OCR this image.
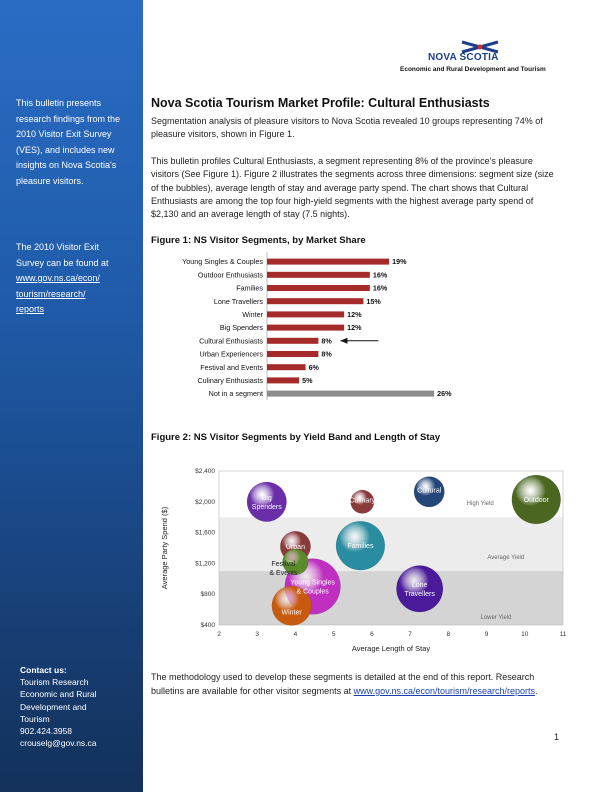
This bulletin presents research findings from the 2010 Visitor Exit Survey (VES), and includes new insights on Nova Scotia's pleasure visitors.
The 2010 Visitor Exit Survey can be found at
www.gov.ns.ca/econ/
tourism/research/
reports
Contact us:
Tourism Research
Economic and Rural
Development and
Tourism
902.424.3958
crouselg@gov.ns.ca
NOVA SCOTIA
Economic and Rural Development and Tourism
Nova Scotia Tourism Market Profile: Cultural Enthusiasts

Segmentation analysis of pleasure visitors to Nova Scotia revealed 10 groups representing 74% of pleasure visitors, shown in Figure 1.

This bulletin profiles Cultural Enthusiasts, a segment representing 8% of the province's pleasure visitors (See Figure 1). Figure 2 illustrates the segments across three dimensions: segment size (size of the bubbles), average length of stay and average party spend. The chart shows that Cultural Enthusiasts are among the top four high-yield segments with the highest average party spend of $2,130 and an average length of stay (7.5 nights).

Figure 1: NS Visitor Segments, by Market Share
Young Singles & Couples	19%
Outdoor Enthusiasts	16%
Families	16%
Lone Travellers	15%
Winter	12%
Big Spenders	12%
Cultural Enthusiasts	8%
Urban Experiencers	8%
Festival and Events	6%
Culinary Enthusiasts	5%
Not in a segment	26%
Figure 2: NS Visitor Segments by Yield Band and Length of Stay
High Yield
Average Yield
Lower Yield
$2,400
$2,000
$1,600
$1,200
$800
$400
2	3	4	5	6	7	8	9	10	11
Average Length of Stay
Average Party Spend ($)
Big
Spenders
Culinary
Cultural
Outdoor
Families
Urban
Festival
& Events
Young Singles
& Couples
Winter
Lone
Travellers
The methodology used to develop these segments is detailed at the end of this report. Research bulletins are available for other visitor segments at www.gov.ns.ca/econ/tourism/research/reports.
1
